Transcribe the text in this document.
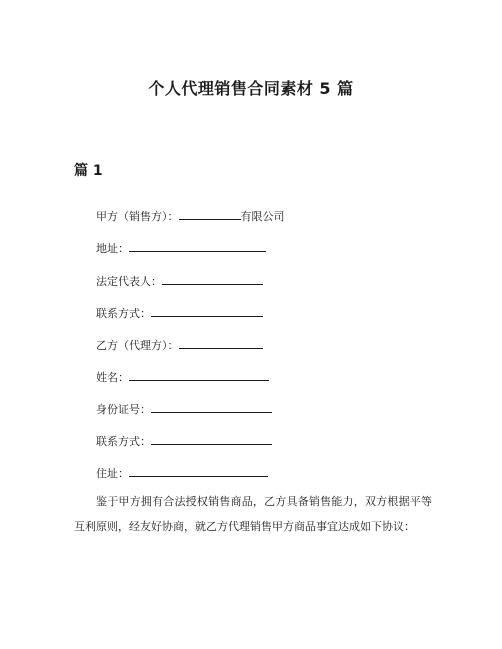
个人代理销售合同素材 5 篇
篇 1
甲方（销售方）：	有限公司
地址：
法定代表人：
联系方式：
乙方（代理方）：
姓名：
身份证号：
联系方式：
住址：
鉴于甲方拥有合法授权销售商品，乙方具备销售能力，双方根据平等互利原则，经友好协商，就乙方代理销售甲方商品事宜达成如下协议：
